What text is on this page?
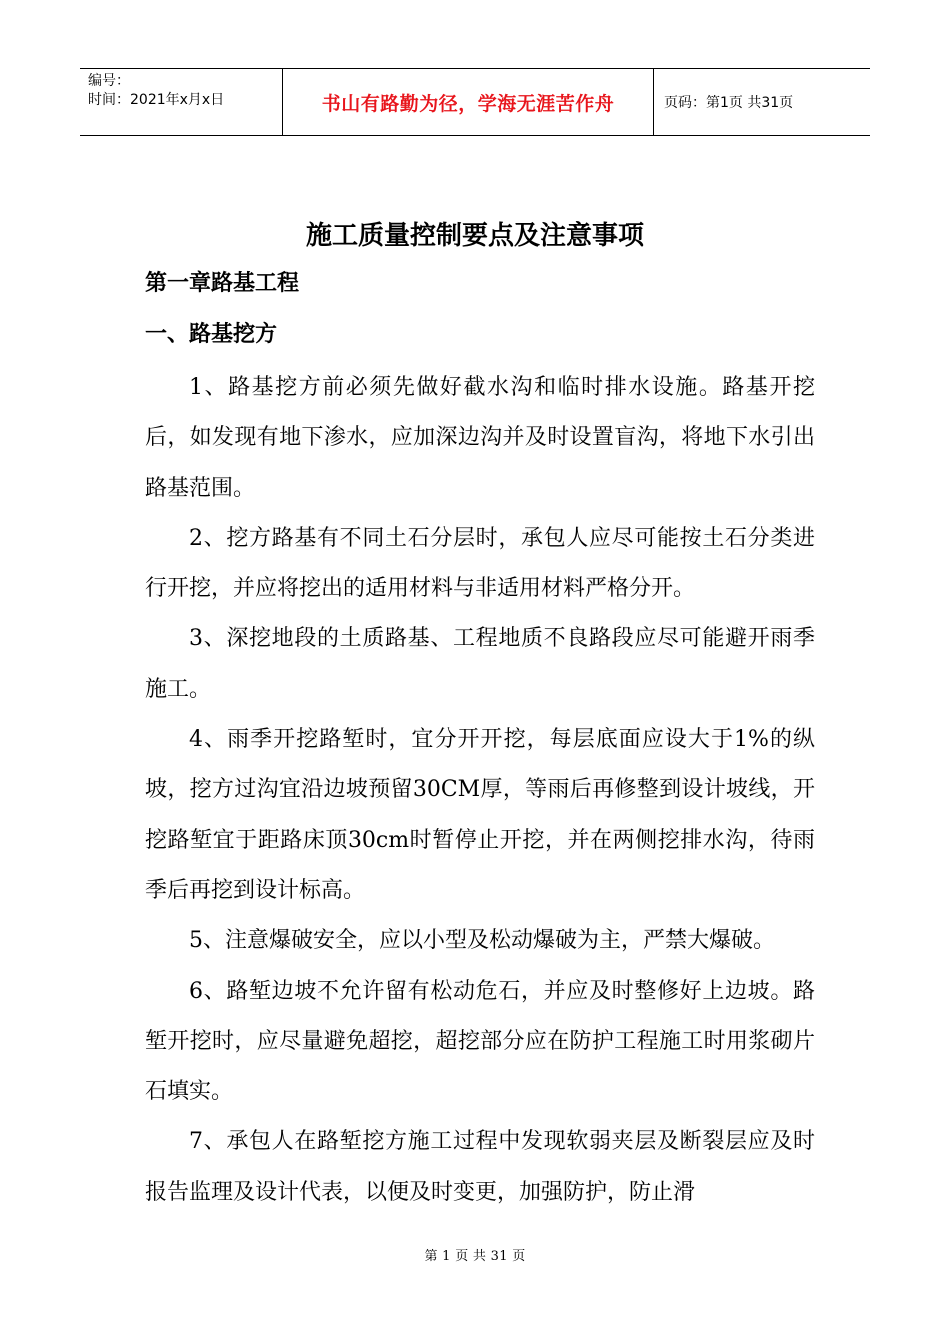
编号：
时间：2021年x月x日	书山有路勤为径，学海无涯苦作舟	页码：第1页 共31页
施工质量控制要点及注意事项
第一章路基工程
一、路基挖方

1、路基挖方前必须先做好截水沟和临时排水设施。路基开挖后，如发现有地下渗水，应加深边沟并及时设置盲沟，将地下水引出路基范围。

2、挖方路基有不同土石分层时，承包人应尽可能按土石分类进行开挖，并应将挖出的适用材料与非适用材料严格分开。

3、深挖地段的土质路基、工程地质不良路段应尽可能避开雨季施工。

4、雨季开挖路堑时，宜分开开挖，每层底面应设大于1%的纵坡，挖方过沟宜沿边坡预留30CM厚，等雨后再修整到设计坡线，开挖路堑宜于距路床顶30cm时暂停止开挖，并在两侧挖排水沟，待雨季后再挖到设计标高。

5、注意爆破安全，应以小型及松动爆破为主，严禁大爆破。

6、路堑边坡不允许留有松动危石，并应及时整修好上边坡。路堑开挖时，应尽量避免超挖，超挖部分应在防护工程施工时用浆砌片石填实。

7、承包人在路堑挖方施工过程中发现软弱夹层及断裂层应及时报告监理及设计代表，以便及时变更，加强防护，防止滑

第 1 页 共 31 页
